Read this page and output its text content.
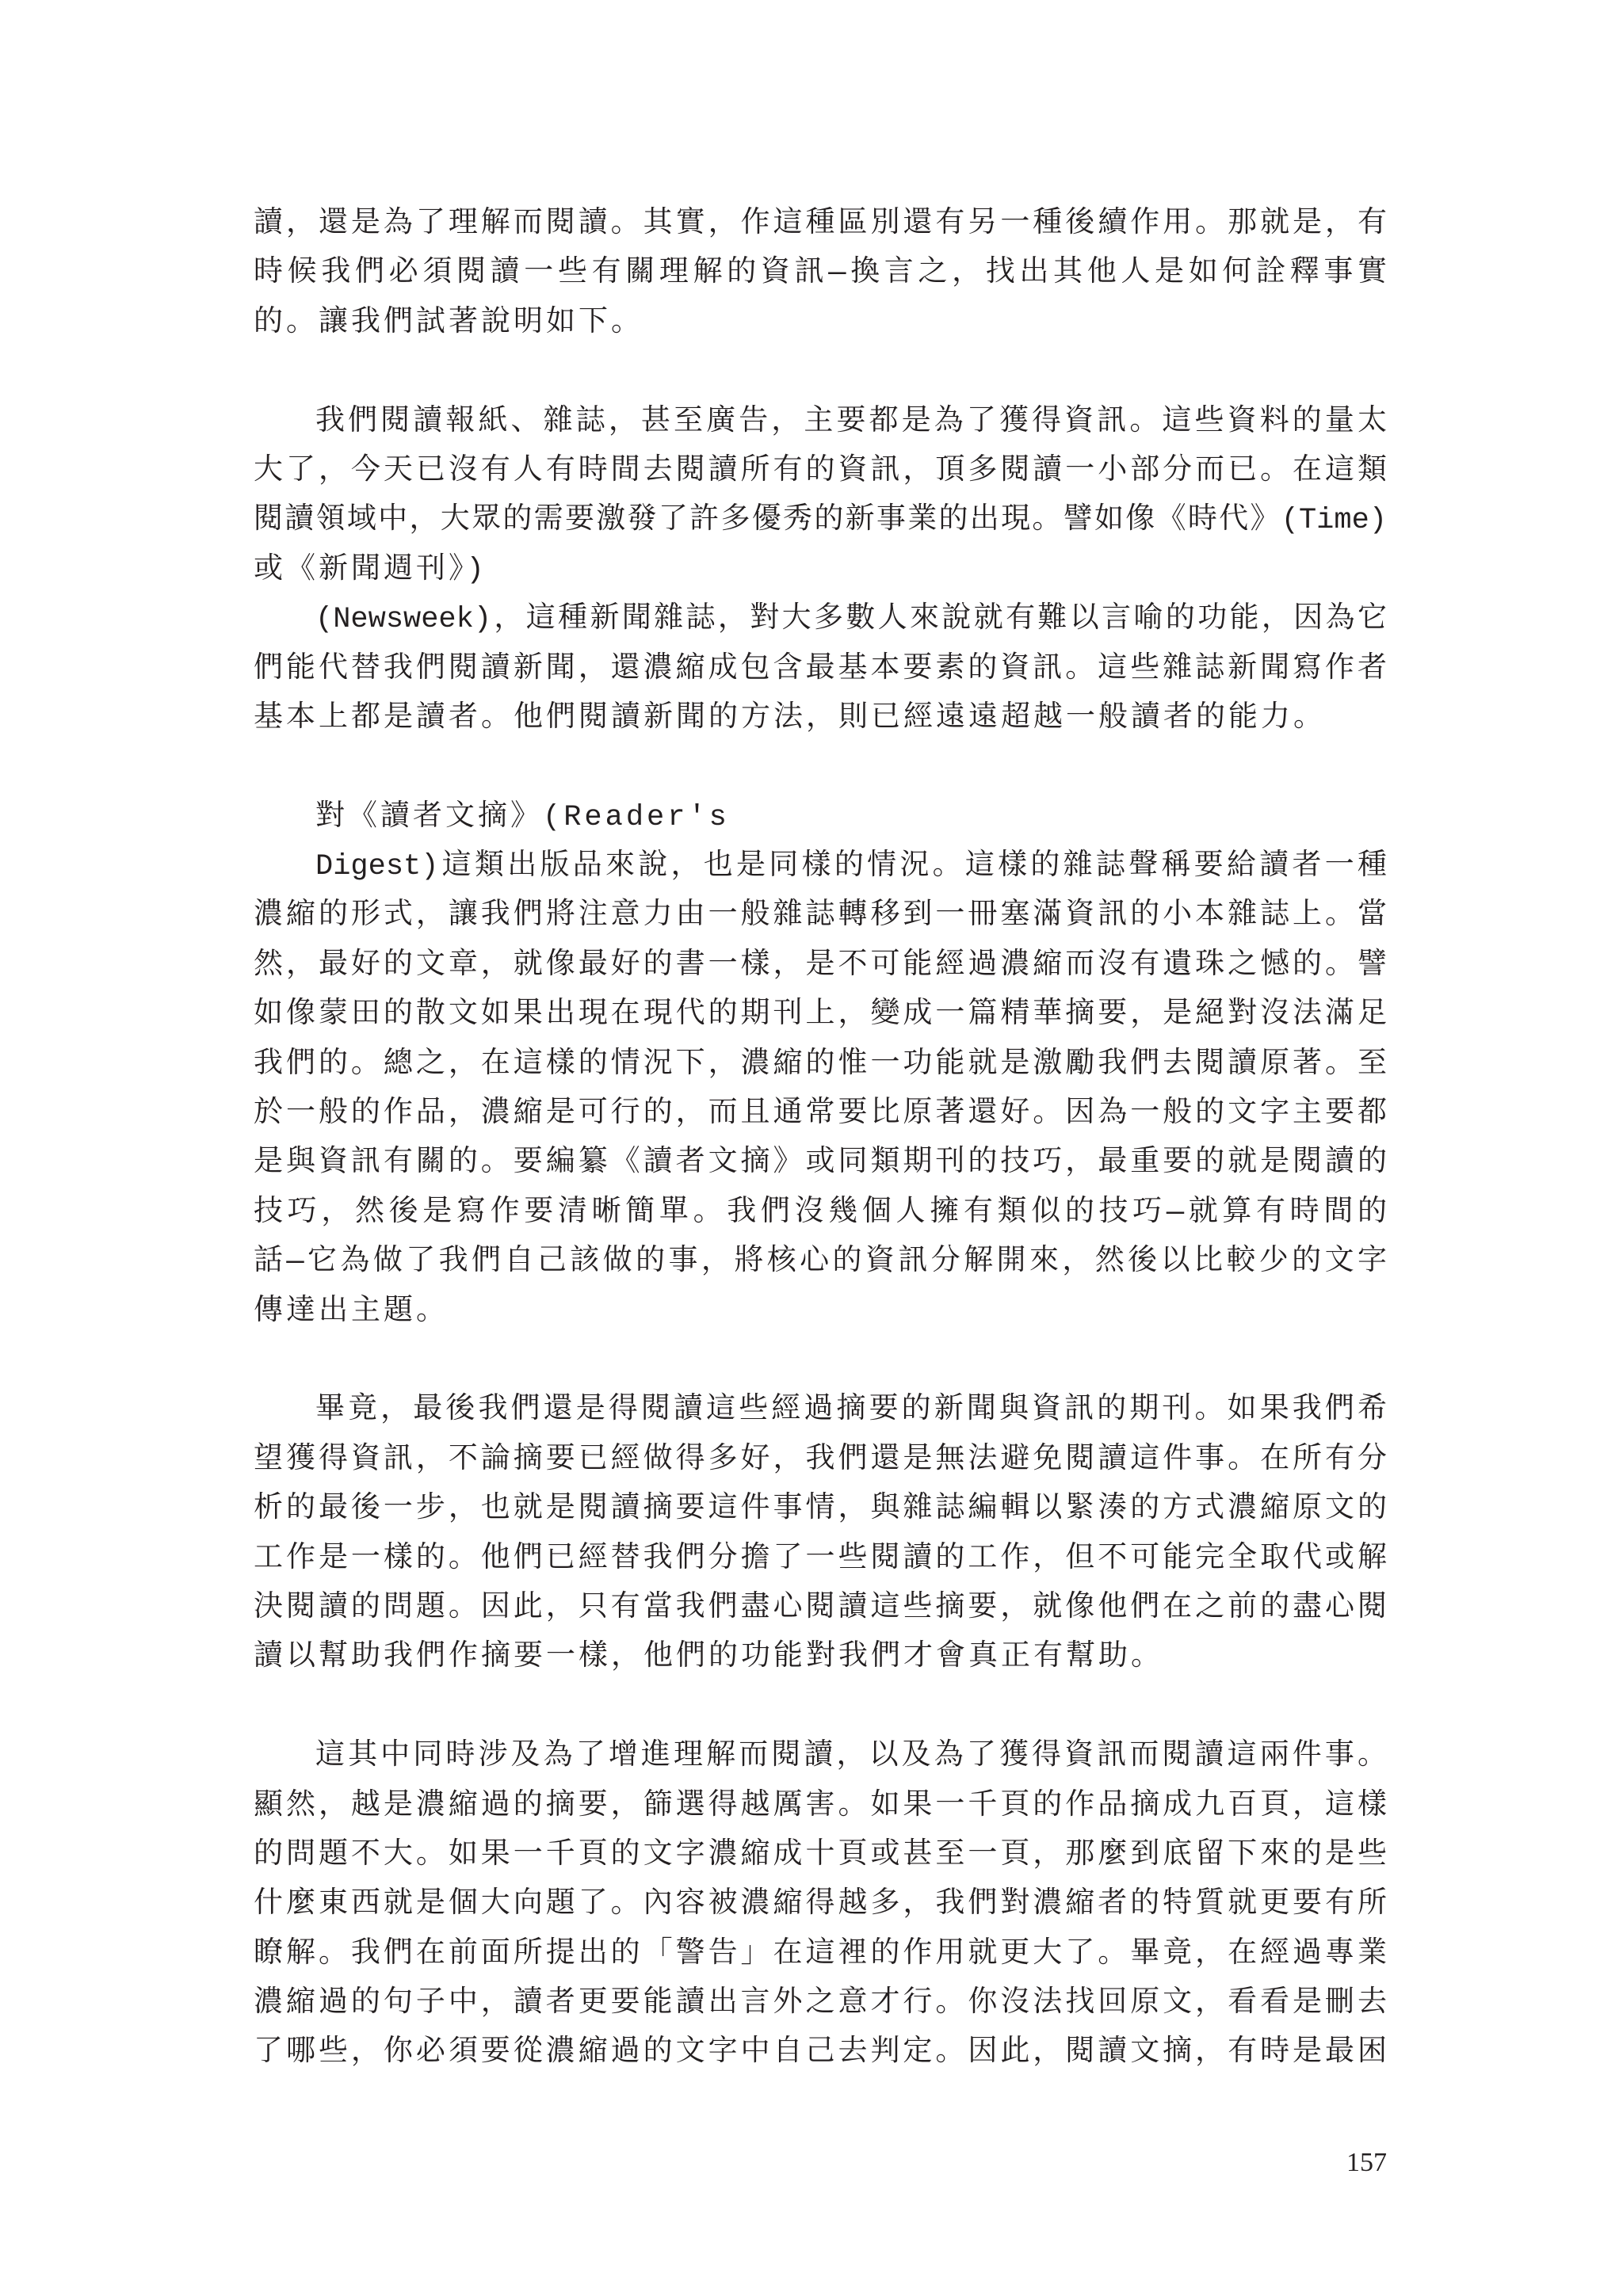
讀，還是為了理解而閱讀。其實，作這種區別還有另一種後續作用。那就是，有
時候我們必須閱讀一些有關理解的資訊—換言之，找出其他人是如何詮釋事實
的。讓我們試著說明如下。
我們閱讀報紙、雜誌，甚至廣告，主要都是為了獲得資訊。這些資料的量太
大了，今天已沒有人有時間去閱讀所有的資訊，頂多閱讀一小部分而已。在這類
閱讀領域中，大眾的需要激發了許多優秀的新事業的出現。譬如像《時代》(Time)
或《新聞週刊》)
(Newsweek)，這種新聞雜誌，對大多數人來說就有難以言喻的功能，因為它
們能代替我們閱讀新聞，還濃縮成包含最基本要素的資訊。這些雜誌新聞寫作者
基本上都是讀者。他們閱讀新聞的方法，則已經遠遠超越一般讀者的能力。
對《讀者文摘》(Reader's
Digest)這類出版品來說，也是同樣的情況。這樣的雜誌聲稱要給讀者一種
濃縮的形式，讓我們將注意力由一般雜誌轉移到一冊塞滿資訊的小本雜誌上。當
然，最好的文章，就像最好的書一樣，是不可能經過濃縮而沒有遺珠之憾的。譬
如像蒙田的散文如果出現在現代的期刊上，變成一篇精華摘要，是絕對沒法滿足
我們的。總之，在這樣的情況下，濃縮的惟一功能就是激勵我們去閱讀原著。至
於一般的作品，濃縮是可行的，而且通常要比原著還好。因為一般的文字主要都
是與資訊有關的。要編纂《讀者文摘》或同類期刊的技巧，最重要的就是閱讀的
技巧，然後是寫作要清晰簡單。我們沒幾個人擁有類似的技巧—就算有時間的
話—它為做了我們自己該做的事，將核心的資訊分解開來，然後以比較少的文字
傳達出主題。
畢竟，最後我們還是得閱讀這些經過摘要的新聞與資訊的期刊。如果我們希
望獲得資訊，不論摘要已經做得多好，我們還是無法避免閱讀這件事。在所有分
析的最後一步，也就是閱讀摘要這件事情，與雜誌編輯以緊湊的方式濃縮原文的
工作是一樣的。他們已經替我們分擔了一些閱讀的工作，但不可能完全取代或解
決閱讀的問題。因此，只有當我們盡心閱讀這些摘要，就像他們在之前的盡心閱
讀以幫助我們作摘要一樣，他們的功能對我們才會真正有幫助。
這其中同時涉及為了增進理解而閱讀，以及為了獲得資訊而閱讀這兩件事。
顯然，越是濃縮過的摘要，篩選得越厲害。如果一千頁的作品摘成九百頁，這樣
的問題不大。如果一千頁的文字濃縮成十頁或甚至一頁，那麼到底留下來的是些
什麼東西就是個大向題了。內容被濃縮得越多，我們對濃縮者的特質就更要有所
瞭解。我們在前面所提出的「警告」在這裡的作用就更大了。畢竟，在經過專業
濃縮過的句子中，讀者更要能讀出言外之意才行。你沒法找回原文，看看是刪去
了哪些，你必須要從濃縮過的文字中自己去判定。因此，閱讀文摘，有時是最困
157
